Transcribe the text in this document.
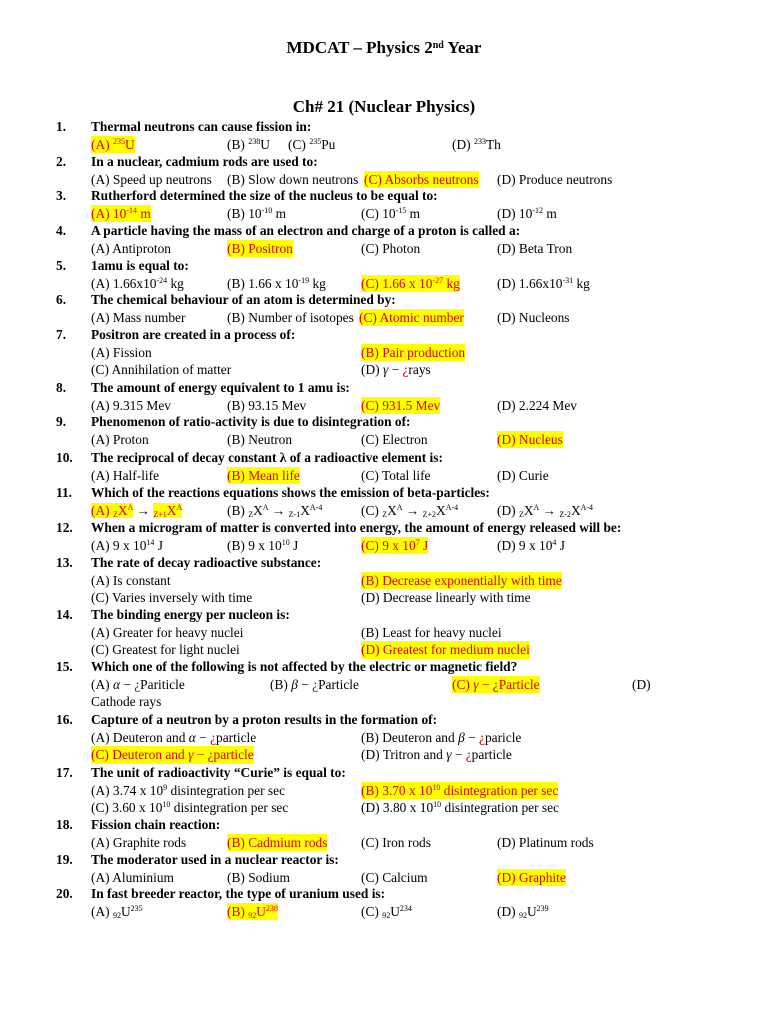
MDCAT – Physics 2nd Year
Ch# 21 (Nuclear Physics)
1. Thermal neutrons can cause fission in:
(A) $^{235}$U	(B) $^{238}$U (C) $^{235}$Pu	(D) $^{233}$Th
2. In a nuclear, cadmium rods are used to:
(A) Speed up neutrons (B) Slow down neutrons (C) Absorbs neutrons (D) Produce neutrons
3. Rutherford determined the size of the nucleus to be equal to:
(A) $10^{-14}$ m	(B) $10^{-10}$ m	(C) $10^{-15}$ m	(D) $10^{-12}$ m
4. A particle having the mass of an electron and charge of a proton is called a:
(A) Antiproton	(B) Positron	(C) Photon	(D) Beta Tron
5. 1amu is equal to:
(A) $1.66x10^{-24}$ kg	(B) 1.66 x $10^{-19}$ kg	(C) 1.66 x $10^{-27}$ kg	(D) $1.66x10^{-31}$ kg
6. The chemical behaviour of an atom is determined by:
(A) Mass number	(B) Number of isotopes (C) Atomic number (D) Nucleons
7. Positron are created in a process of:
(A) Fission	(B) Pair production
(C) Annihilation of matter	(D) γ − ¿rays
8. The amount of energy equivalent to 1 amu is:
(A) 9.315 Mev	(B) 93.15 Mev	(C) 931.5 Mev	(D) 2.224 Mev
9. Phenomenon of ratio-activity is due to disintegration of:
(A) Proton	(B) Neutron	(C) Electron	(D) Nucleus
10. The reciprocal of decay constant λ of a radioactive element is:
(A) Half-life	(B) Mean life	(C) Total life	(D) Curie
11. Which of the reactions equations shows the emission of beta-particles:
(A) $_ZX^A \to _{Z+1}X^A$	(B) $_ZX^A \to _{Z-1}X^{A-4}$	(C) $_ZX^A \to _{Z+2}X^{A-4}$	(D) $_ZX^A \to _{Z-2}X^{A-4}$
12. When a microgram of matter is converted into energy, the amount of energy released will be:
(A) 9 x $10^{14}$ J	(B) 9 x $10^{10}$ J	(C) 9 x $10^7$ J	(D) 9 x $10^4$ J
13. The rate of decay radioactive substance:
(A) Is constant	(B) Decrease exponentially with time
(C) Varies inversely with time	(D) Decrease linearly with time
14. The binding energy per nucleon is:
(A) Greater for heavy nuclei	(B) Least for heavy nuclei
(C) Greatest for light nuclei	(D) Greatest for medium nuclei
15. Which one of the following is not affected by the electric or magnetic field?
(A) α − ¿Pariticle	(B) β − ¿Particle	(C) γ − ¿Particle	(D)
Cathode rays
16. Capture of a neutron by a proton results in the formation of:
(A) Deuteron and α − ¿particle	(B) Deuteron and β − ¿paricle
(C) Deuteron and γ − ¿particle	(D) Tritron and γ − ¿particle
17. The unit of radioactivity “Curie” is equal to:
(A) 3.74 x $10^9$ disintegration per sec	(B) 3.70 x $10^{10}$ disintegration per sec
(C) 3.60 x $10^{10}$ disintegration per sec	(D) 3.80 x $10^{10}$ disintegration per sec
18. Fission chain reaction:
(A) Graphite rods	(B) Cadmium rods	(C) Iron rods	(D) Platinum rods
19. The moderator used in a nuclear reactor is:
(A) Aluminium	(B) Sodium	(C) Calcium	(D) Graphite
20. In fast breeder reactor, the type of uranium used is:
(A) $_{92}U^{235}$	(B) $_{92}U^{238}$	(C) $_{92}U^{234}$	(D) $_{92}U^{239}$
